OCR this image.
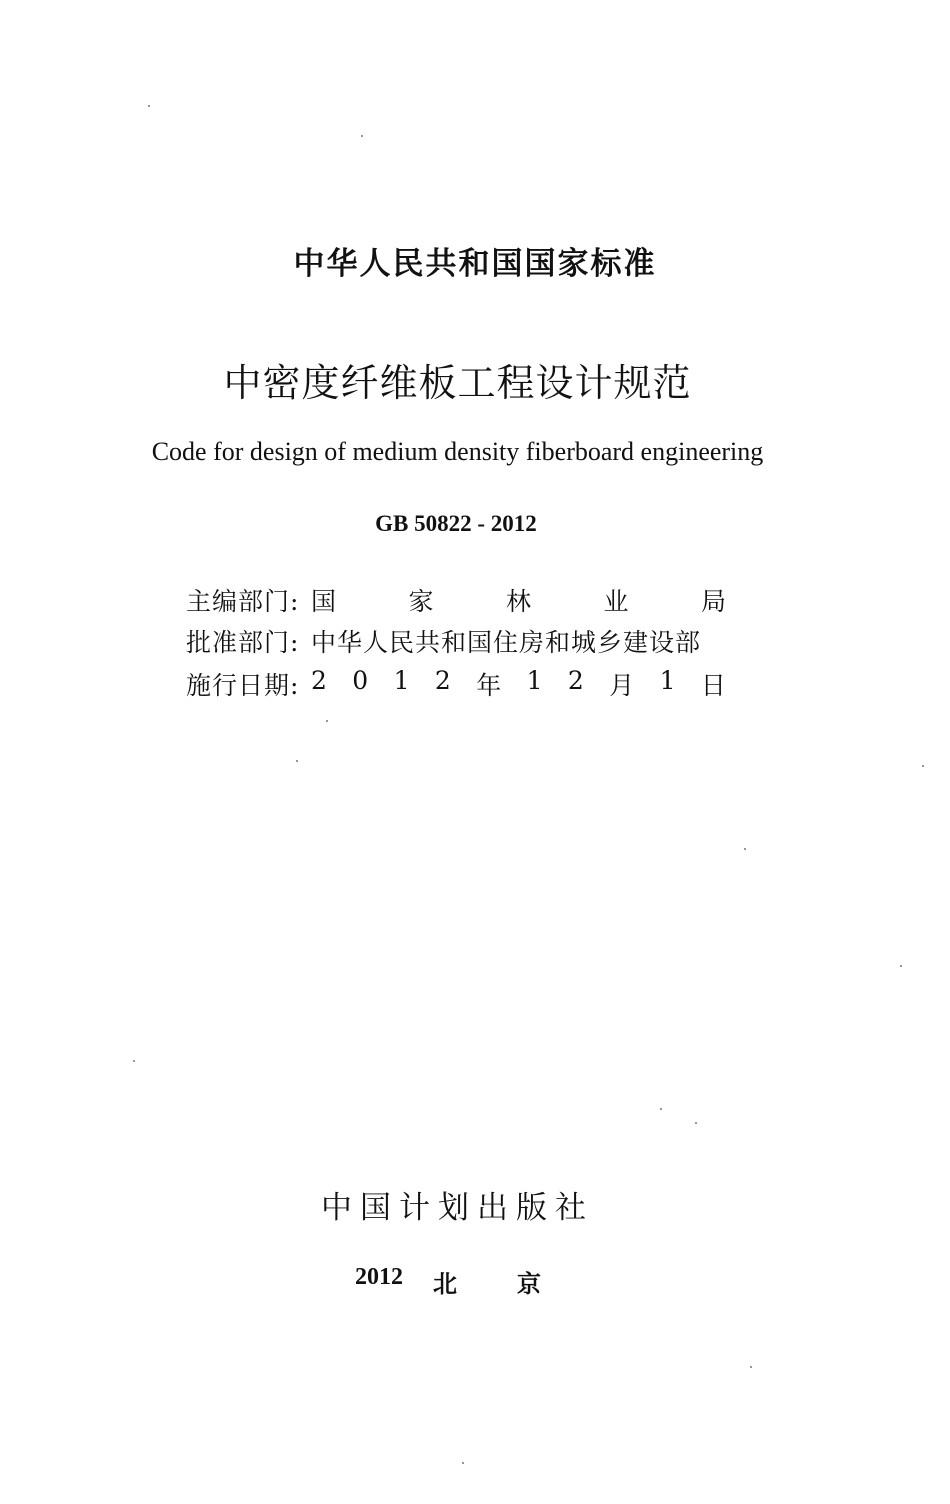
中华人民共和国国家标准
中密度纤维板工程设计规范
Code for design of medium density fiberboard engineering
GB 50822 - 2012
主编部门: 国	家	林	业	局
批准部门: 中华人民共和国住房和城乡建设部
施行日期: 2 0 1 2 年 1 2 月 1 日
中国计划出版社
2012 北	京
